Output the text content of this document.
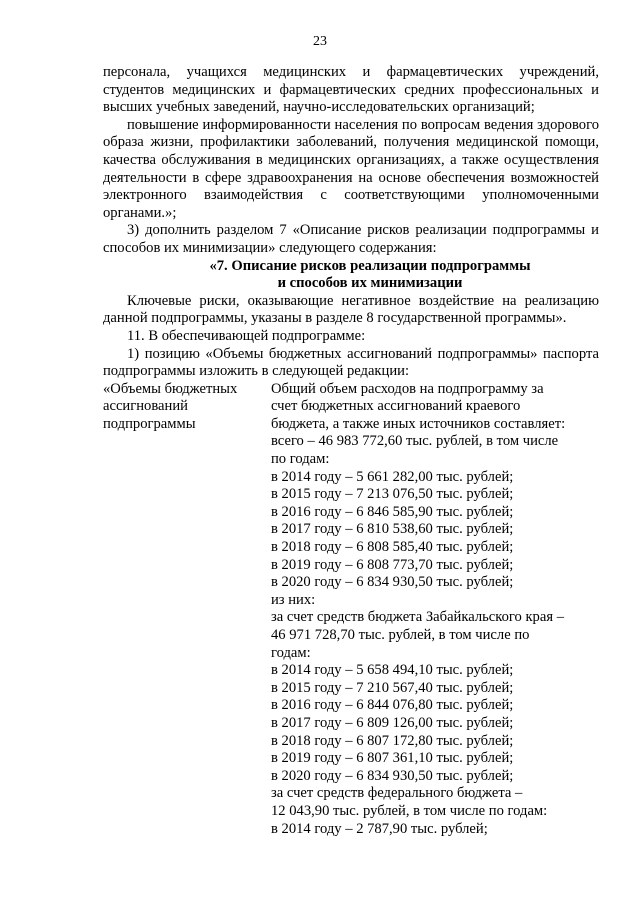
23

персонала, учащихся медицинских и фармацевтических учреждений, студентов медицинских и фармацевтических средних профессиональных и высших учебных заведений, научно-исследовательских организаций;

повышение информированности населения по вопросам ведения здорового образа жизни, профилактики заболеваний, получения медицинской помощи, качества обслуживания в медицинских организациях, а также осуществления деятельности в сфере здравоохранения на основе обеспечения возможностей электронного взаимодействия с соответствующими уполномоченными органами.»;

3) дополнить разделом 7 «Описание рисков реализации подпрограммы и способов их минимизации» следующего содержания:

«7. Описание рисков реализации подпрограммы

и способов их минимизации

Ключевые риски, оказывающие негативное воздействие на реализацию данной подпрограммы, указаны в разделе 8 государственной программы».

11. В обеспечивающей подпрограмме:

1) позицию «Объемы бюджетных ассигнований подпрограммы» паспорта подпрограммы изложить в следующей редакции:

«Объемы бюджетных
ассигнований
подпрограммы
Общий объем расходов на подпрограмму за
счет бюджетных ассигнований краевого
бюджета, а также иных источников составляет:
всего – 46 983 772,60 тыс. рублей, в том числе
по годам:
в 2014 году – 5 661 282,00 тыс. рублей;
в 2015 году – 7 213 076,50 тыс. рублей;
в 2016 году – 6 846 585,90 тыс. рублей;
в 2017 году – 6 810 538,60 тыс. рублей;
в 2018 году – 6 808 585,40 тыс. рублей;
в 2019 году – 6 808 773,70 тыс. рублей;
в 2020 году – 6 834 930,50 тыс. рублей;
из них:
за счет средств бюджета Забайкальского края –
46 971 728,70 тыс. рублей, в том числе по
годам:
в 2014 году – 5 658 494,10 тыс. рублей;
в 2015 году – 7 210 567,40 тыс. рублей;
в 2016 году – 6 844 076,80 тыс. рублей;
в 2017 году – 6 809 126,00 тыс. рублей;
в 2018 году – 6 807 172,80 тыс. рублей;
в 2019 году – 6 807 361,10 тыс. рублей;
в 2020 году – 6 834 930,50 тыс. рублей;
за счет средств федерального бюджета –
12 043,90 тыс. рублей, в том числе по годам:
в 2014 году – 2 787,90 тыс. рублей;
